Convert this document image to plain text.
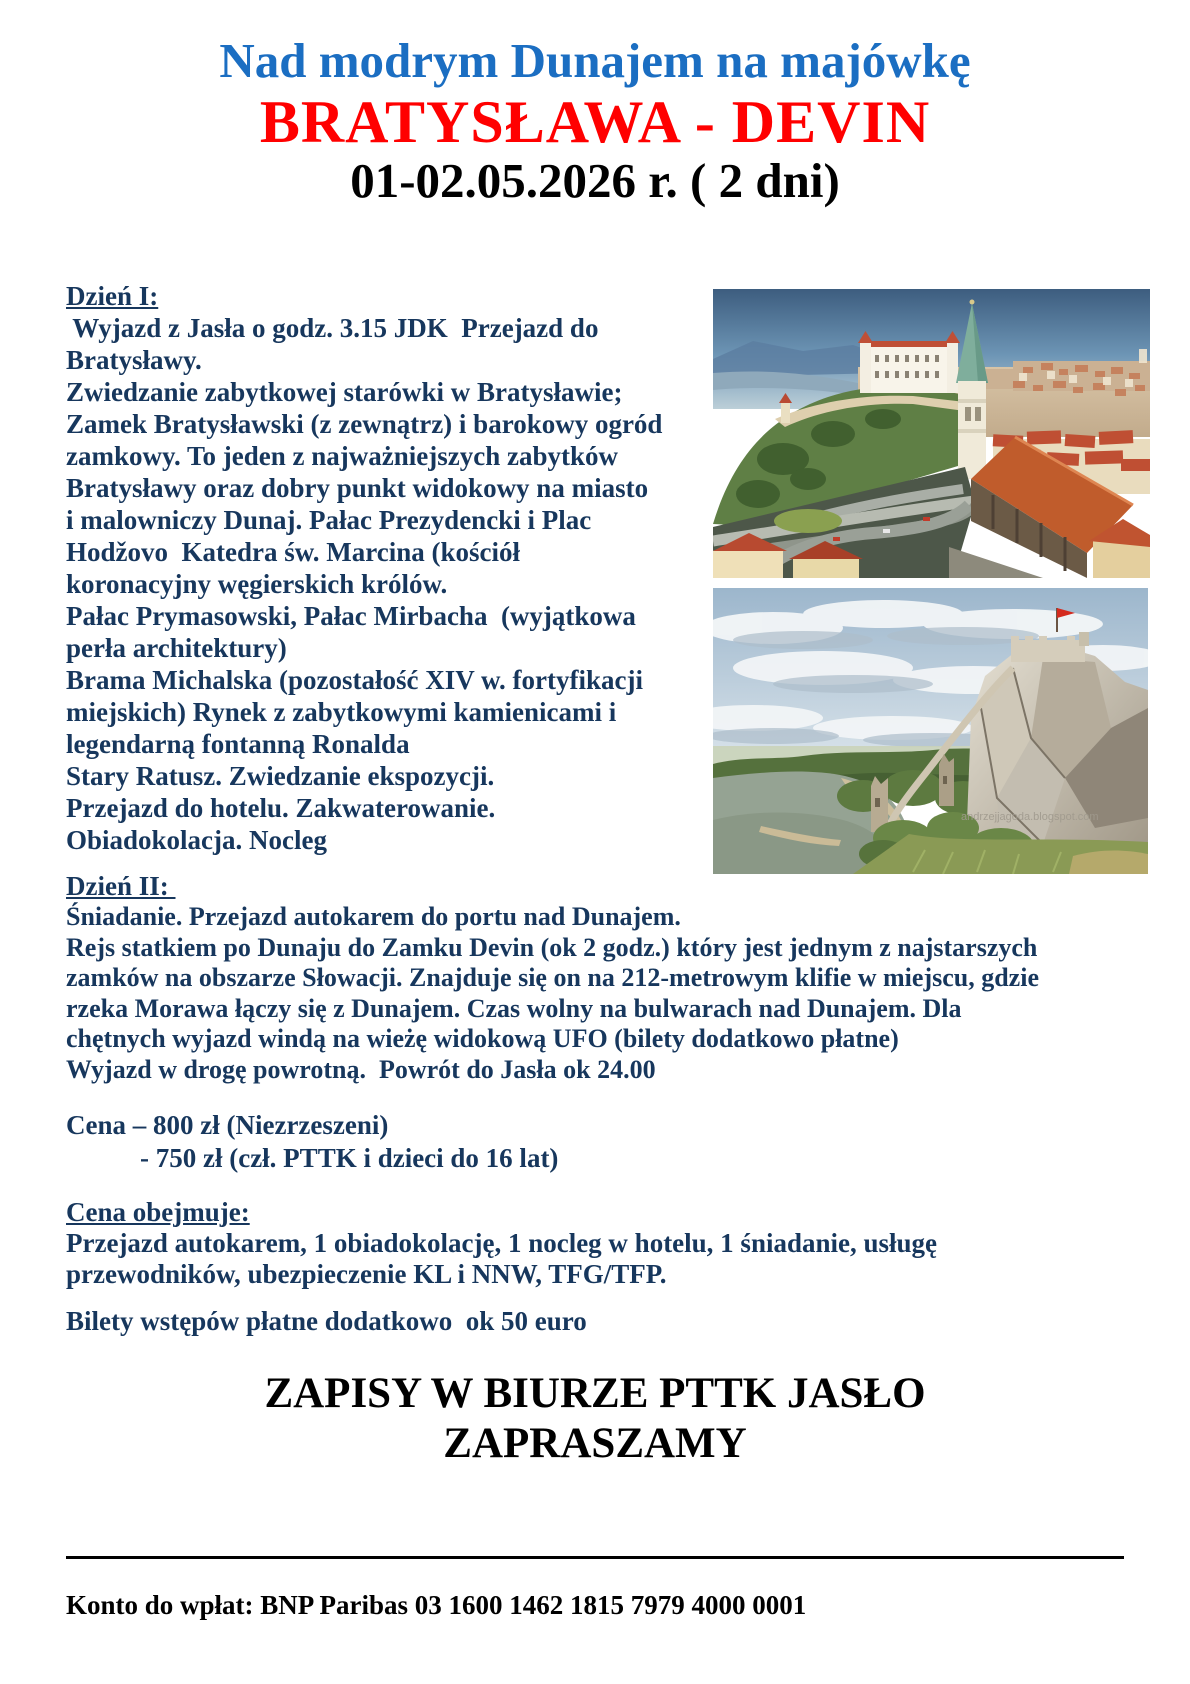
Nad modrym Dunajem na majówkę
BRATYSŁAWA - DEVIN
01-02.05.2026 r. ( 2 dni)
Dzień I:
Wyjazd z Jasła o godz. 3.15 JDK  Przejazd do
Bratysławy.
Zwiedzanie zabytkowej starówki w Bratysławie;
Zamek Bratysławski (z zewnątrz) i barokowy ogród
zamkowy. To jeden z najważniejszych zabytków
Bratysławy oraz dobry punkt widokowy na miasto
i malowniczy Dunaj. Pałac Prezydencki i Plac
Hodžovo  Katedra św. Marcina (kościół
koronacyjny węgierskich królów.
Pałac Prymasowski, Pałac Mirbacha  (wyjątkowa
perła architektury)
Brama Michalska (pozostałość XIV w. fortyfikacji
miejskich) Rynek z zabytkowymi kamienicami i
legendarną fontanną Ronalda
Stary Ratusz. Zwiedzanie ekspozycji.
Przejazd do hotelu. Zakwaterowanie.
Obiadokolacja. Nocleg
Dzień II:
Śniadanie. Przejazd autokarem do portu nad Dunajem.
Rejs statkiem po Dunaju do Zamku Devin (ok 2 godz.) który jest jednym z najstarszych
zamków na obszarze Słowacji. Znajduje się on na 212-metrowym klifie w miejscu, gdzie
rzeka Morawa łączy się z Dunajem. Czas wolny na bulwarach nad Dunajem. Dla
chętnych wyjazd windą na wieżę widokową UFO (bilety dodatkowo płatne)
Wyjazd w drogę powrotną.  Powrót do Jasła ok 24.00
Cena – 800 zł (Niezrzeszeni)
- 750 zł (czł. PTTK i dzieci do 16 lat)
Cena obejmuje:
Przejazd autokarem, 1 obiadokolację, 1 nocleg w hotelu, 1 śniadanie, usługę
przewodników, ubezpieczenie KL i NNW, TFG/TFP.
Bilety wstępów płatne dodatkowo  ok 50 euro
ZAPISY W BIURZE PTTK JASŁO
ZAPRASZAMY
Konto do wpłat: BNP Paribas 03 1600 1462 1815 7979 4000 0001
andrzejjagoda.blogspot.com
